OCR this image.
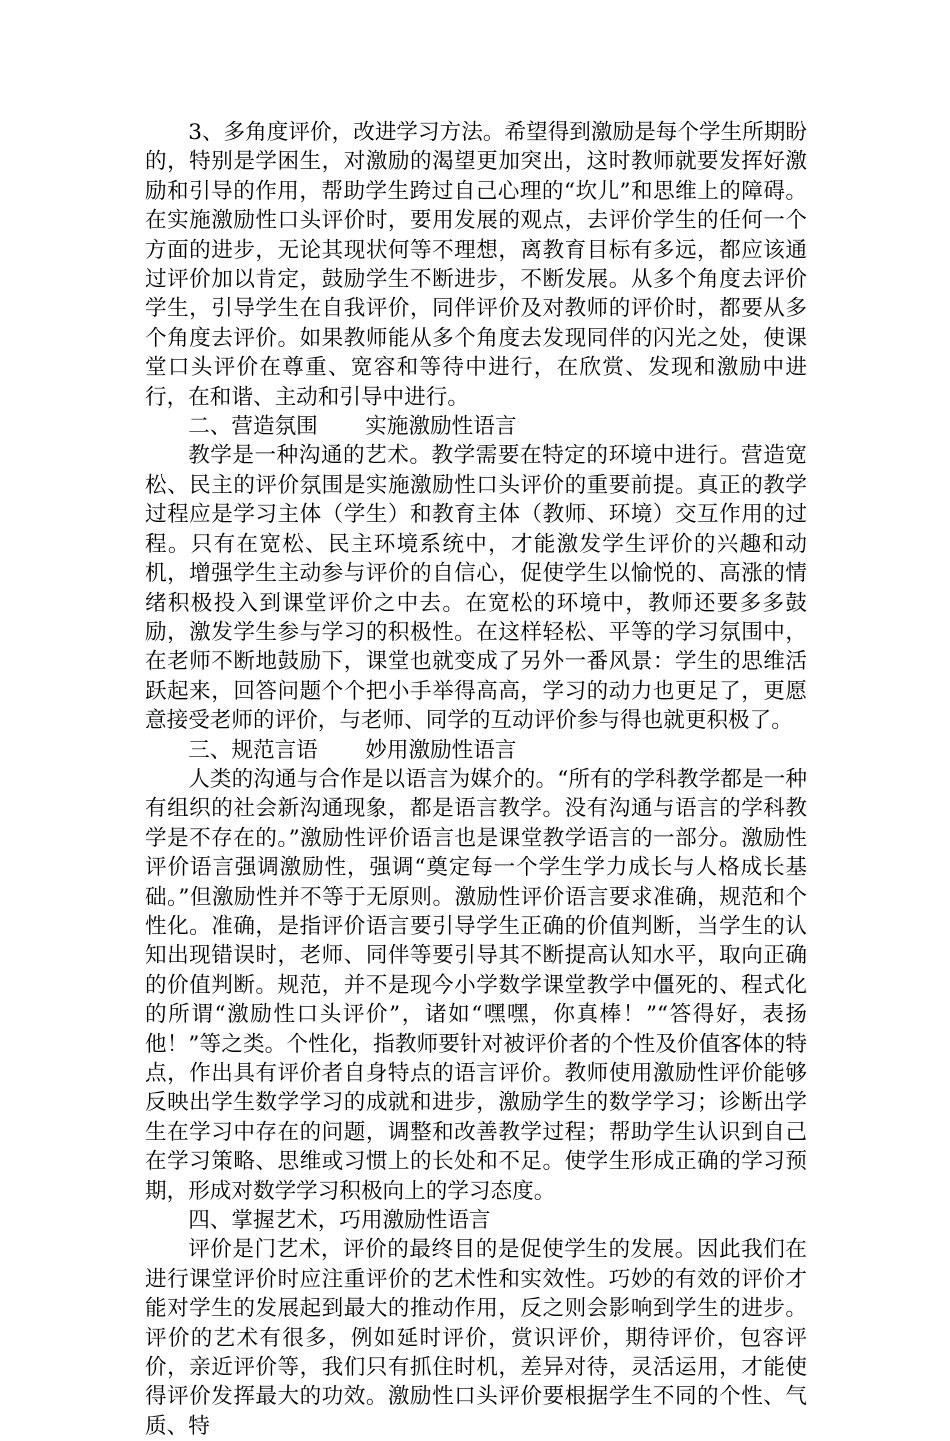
3、多角度评价，改进学习方法。希望得到激励是每个学生所期盼的，特别是学困生，对激励的渴望更加突出，这时教师就要发挥好激励和引导的作用，帮助学生跨过自己心理的“坎儿”和思维上的障碍。在实施激励性口头评价时，要用发展的观点，去评价学生的任何一个方面的进步，无论其现状何等不理想，离教育目标有多远，都应该通过评价加以肯定，鼓励学生不断进步，不断发展。从多个角度去评价学生，引导学生在自我评价，同伴评价及对教师的评价时，都要从多个角度去评价。如果教师能从多个角度去发现同伴的闪光之处，使课堂口头评价在尊重、宽容和等待中进行，在欣赏、发现和激励中进行，在和谐、主动和引导中进行。

二、营造氛围 实施激励性语言

教学是一种沟通的艺术。教学需要在特定的环境中进行。营造宽松、民主的评价氛围是实施激励性口头评价的重要前提。真正的教学过程应是学习主体（学生）和教育主体（教师、环境）交互作用的过程。只有在宽松、民主环境系统中，才能激发学生评价的兴趣和动机，增强学生主动参与评价的自信心，促使学生以愉悦的、高涨的情绪积极投入到课堂评价之中去。在宽松的环境中，教师还要多多鼓励，激发学生参与学习的积极性。在这样轻松、平等的学习氛围中，在老师不断地鼓励下，课堂也就变成了另外一番风景：学生的思维活跃起来，回答问题个个把小手举得高高，学习的动力也更足了，更愿意接受老师的评价，与老师、同学的互动评价参与得也就更积极了。

三、规范言语 妙用激励性语言

人类的沟通与合作是以语言为媒介的。“所有的学科教学都是一种有组织的社会新沟通现象，都是语言教学。没有沟通与语言的学科教学是不存在的。”激励性评价语言也是课堂教学语言的一部分。激励性评价语言强调激励性，强调“奠定每一个学生学力成长与人格成长基础。”但激励性并不等于无原则。激励性评价语言要求准确，规范和个性化。准确，是指评价语言要引导学生正确的价值判断，当学生的认知出现错误时，老师、同伴等要引导其不断提高认知水平，取向正确的价值判断。规范，并不是现今小学数学课堂教学中僵死的、程式化的所谓“激励性口头评价”，诸如“嘿嘿，你真棒！”“答得好，表扬他！”等之类。个性化，指教师要针对被评价者的个性及价值客体的特点，作出具有评价者自身特点的语言评价。教师使用激励性评价能够反映出学生数学学习的成就和进步，激励学生的数学学习；诊断出学生在学习中存在的问题，调整和改善教学过程；帮助学生认识到自己在学习策略、思维或习惯上的长处和不足。使学生形成正确的学习预期，形成对数学学习积极向上的学习态度。

四、掌握艺术，巧用激励性语言

评价是门艺术，评价的最终目的是促使学生的发展。因此我们在进行课堂评价时应注重评价的艺术性和实效性。巧妙的有效的评价才能对学生的发展起到最大的推动作用，反之则会影响到学生的进步。评价的艺术有很多，例如延时评价，赏识评价，期待评价，包容评价，亲近评价等，我们只有抓住时机，差异对待，灵活运用，才能使得评价发挥最大的功效。激励性口头评价要根据学生不同的个性、气质、特
